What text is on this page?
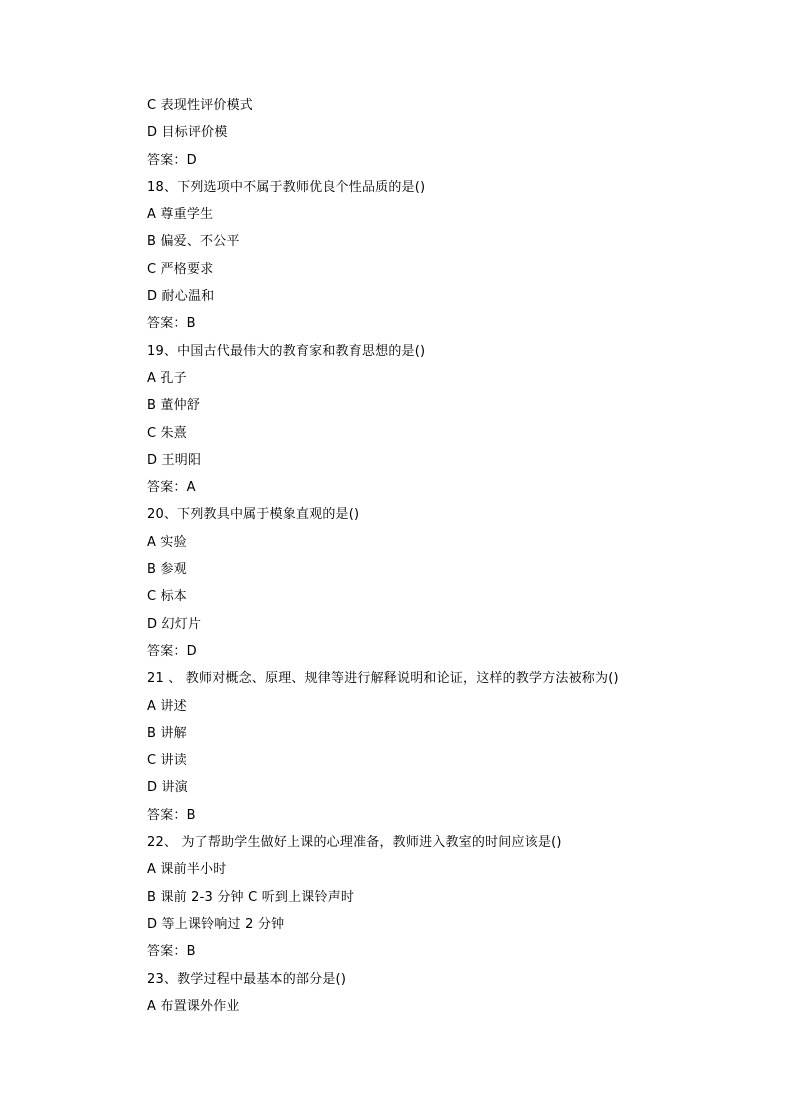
C 表现性评价模式
D 目标评价模
答案：D
18、下列选项中不属于教师优良个性品质的是()
A 尊重学生
B 偏爱、不公平
C 严格要求
D 耐心温和
答案：B
19、中国古代最伟大的教育家和教育思想的是()
A 孔子
B 董仲舒
C 朱熹
D 王明阳
答案：A
20、下列教具中属于模象直观的是()
A 实验
B 参观
C 标本
D 幻灯片
答案：D
21 、 教师对概念、原理、规律等进行解释说明和论证，这样的教学方法被称为()
A 讲述
B 讲解
C 讲读
D 讲演
答案：B
22、 为了帮助学生做好上课的心理准备，教师进入教室的时间应该是()
A 课前半小时
B 课前 2-3 分钟 C 听到上课铃声时
D 等上课铃响过 2 分钟
答案：B
23、教学过程中最基本的部分是()
A 布置课外作业
